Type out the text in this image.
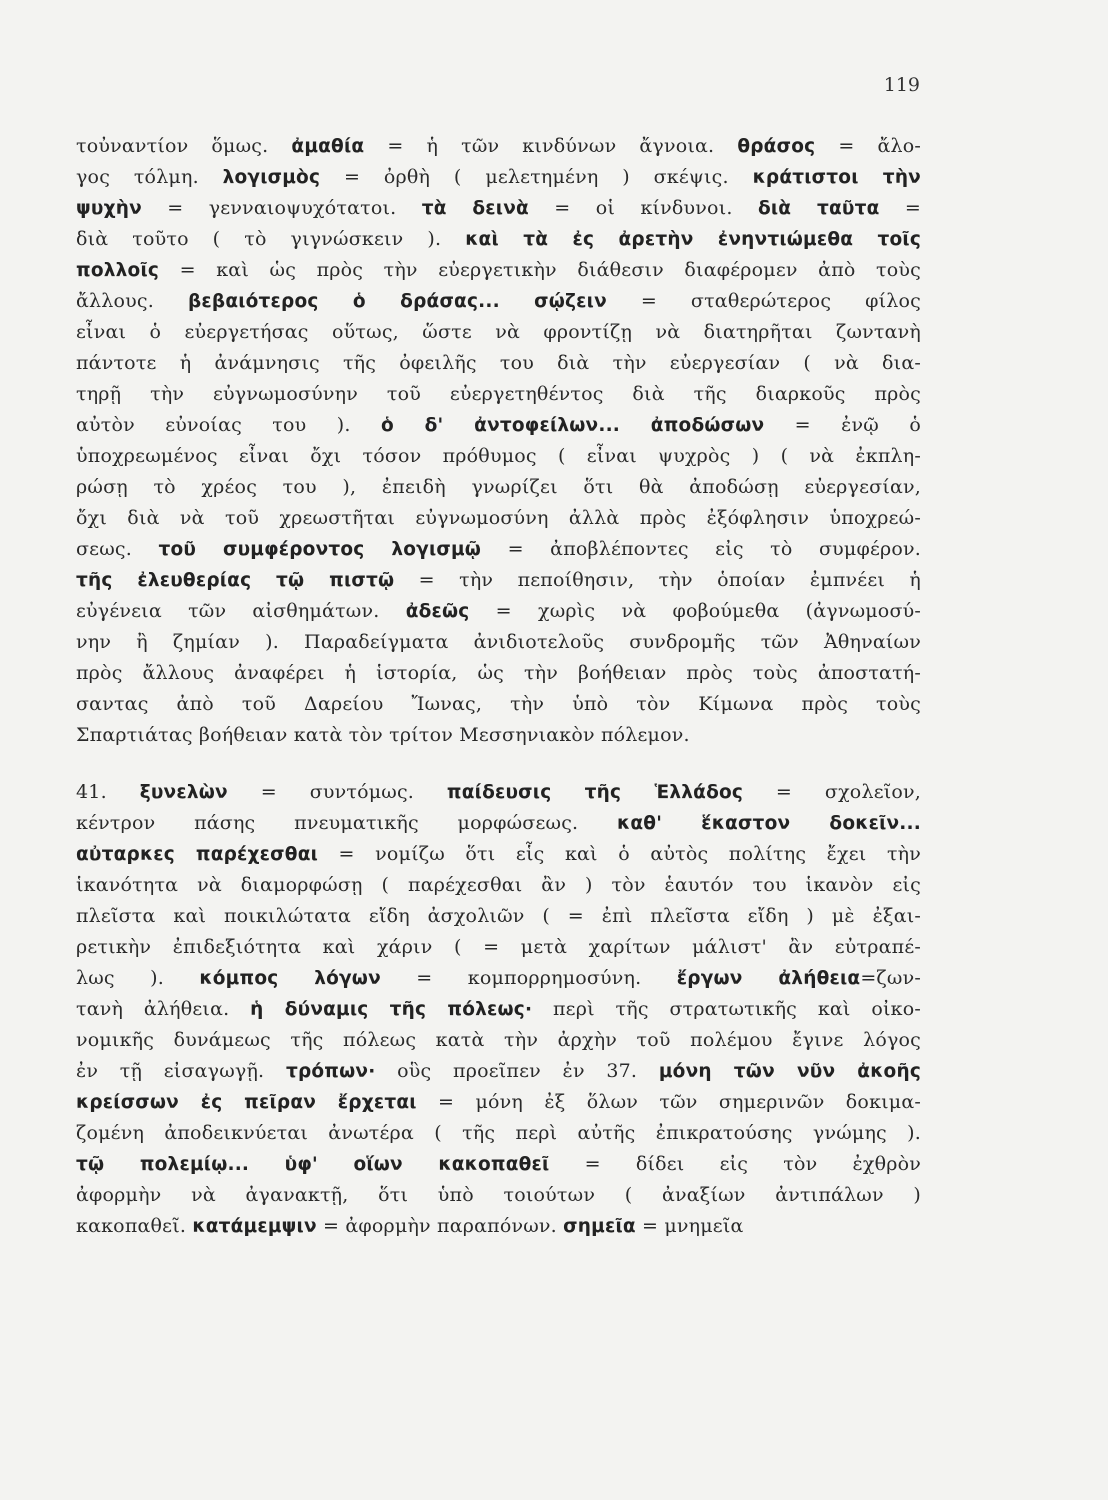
119
τοὐναντίον ὅμως. ἀμαθία = ἡ τῶν κινδύνων ἄγνοια. θράσος = ἄλο-
γος τόλμη. λογισμὸς = ὀρθὴ ( μελετημένη ) σκέψις. κράτιστοι τὴν
ψυχὴν = γενναιοψυχότατοι. τὰ δεινὰ = οἱ κίνδυνοι. διὰ ταῦτα =
διὰ τοῦτο ( τὸ γιγνώσκειν ). καὶ τὰ ἐς ἀρετὴν ἐνηντιώμεθα τοῖς
πολλοῖς = καὶ ὡς πρὸς τὴν εὐεργετικὴν διάθεσιν διαφέρομεν ἀπὸ τοὺς
ἄλλους. βεβαιότερος ὁ δράσας... σῴζειν = σταθερώτερος φίλος
εἶναι ὁ εὐεργετήσας οὕτως, ὥστε νὰ φροντίζῃ νὰ διατηρῆται ζωντανὴ
πάντοτε ἡ ἀνάμνησις τῆς ὀφειλῆς του διὰ τὴν εὐεργεσίαν ( νὰ δια-
τηρῇ τὴν εὐγνωμοσύνην τοῦ εὐεργετηθέντος διὰ τῆς διαρκοῦς πρὸς
αὐτὸν εὐνοίας του ). ὁ δ' ἀντοφείλων... ἀποδώσων = ἐνῷ ὁ
ὑποχρεωμένος εἶναι ὄχι τόσον πρόθυμος ( εἶναι ψυχρὸς ) ( νὰ ἐκπλη-
ρώσῃ τὸ χρέος του ), ἐπειδὴ γνωρίζει ὅτι θὰ ἀποδώσῃ εὐεργεσίαν,
ὄχι διὰ νὰ τοῦ χρεωστῆται εὐγνωμοσύνη ἀλλὰ πρὸς ἐξόφλησιν ὑποχρεώ-
σεως. τοῦ συμφέροντος λογισμῷ = ἀποβλέποντες εἰς τὸ συμφέρον.
τῆς ἐλευθερίας τῷ πιστῷ = τὴν πεποίθησιν, τὴν ὁποίαν ἐμπνέει ἡ
εὐγένεια τῶν αἰσθημάτων. ἀδεῶς = χωρὶς νὰ φοβούμεθα (ἀγνωμοσύ-
νην ἢ ζημίαν ). Παραδείγματα ἀνιδιοτελοῦς συνδρομῆς τῶν Ἀθηναίων
πρὸς ἄλλους ἀναφέρει ἡ ἱστορία, ὡς τὴν βοήθειαν πρὸς τοὺς ἀποστατή-
σαντας ἀπὸ τοῦ Δαρείου Ἴωνας, τὴν ὑπὸ τὸν Κίμωνα πρὸς τοὺς
Σπαρτιάτας βοήθειαν κατὰ τὸν τρίτον Μεσσηνιακὸν πόλεμον.
41. ξυνελὼν = συντόμως. παίδευσις τῆς Ἑλλάδος = σχολεῖον,
κέντρον πάσης πνευματικῆς μορφώσεως. καθ' ἕκαστον δοκεῖν...
αὐταρκες παρέχεσθαι = νομίζω ὅτι εἷς καὶ ὁ αὐτὸς πολίτης ἔχει τὴν
ἱκανότητα νὰ διαμορφώσῃ ( παρέχεσθαι ἂν ) τὸν ἑαυτόν του ἱκανὸν εἰς
πλεῖστα καὶ ποικιλώτατα εἴδη ἀσχολιῶν ( = ἐπὶ πλεῖστα εἴδη ) μὲ ἐξαι-
ρετικὴν ἐπιδεξιότητα καὶ χάριν ( = μετὰ χαρίτων μάλιστ' ἂν εὐτραπέ-
λως ). κόμπος λόγων = κομπορρημοσύνη. ἔργων ἀλήθεια=ζων-
τανὴ ἀλήθεια. ἡ δύναμις τῆς πόλεως· περὶ τῆς στρατωτικῆς καὶ οἰκο-
νομικῆς δυνάμεως τῆς πόλεως κατὰ τὴν ἀρχὴν τοῦ πολέμου ἔγινε λόγος
ἐν τῇ εἰσαγωγῇ. τρόπων· οὓς προεῖπεν ἐν 37. μόνη τῶν νῦν ἀκοῆς
κρείσσων ἐς πεῖραν ἔρχεται = μόνη ἐξ ὅλων τῶν σημερινῶν δοκιμα-
ζομένη ἀποδεικνύεται ἀνωτέρα ( τῆς περὶ αὐτῆς ἐπικρατούσης γνώμης ).
τῷ πολεμίῳ... ὑφ' οἵων κακοπαθεῖ = δίδει εἰς τὸν ἐχθρὸν
ἀφορμὴν νὰ ἀγανακτῇ, ὅτι ὑπὸ τοιούτων ( ἀναξίων ἀντιπάλων )
κακοπαθεῖ. κατάμεμψιν = ἀφορμὴν παραπόνων. σημεῖα = μνημεῖα
